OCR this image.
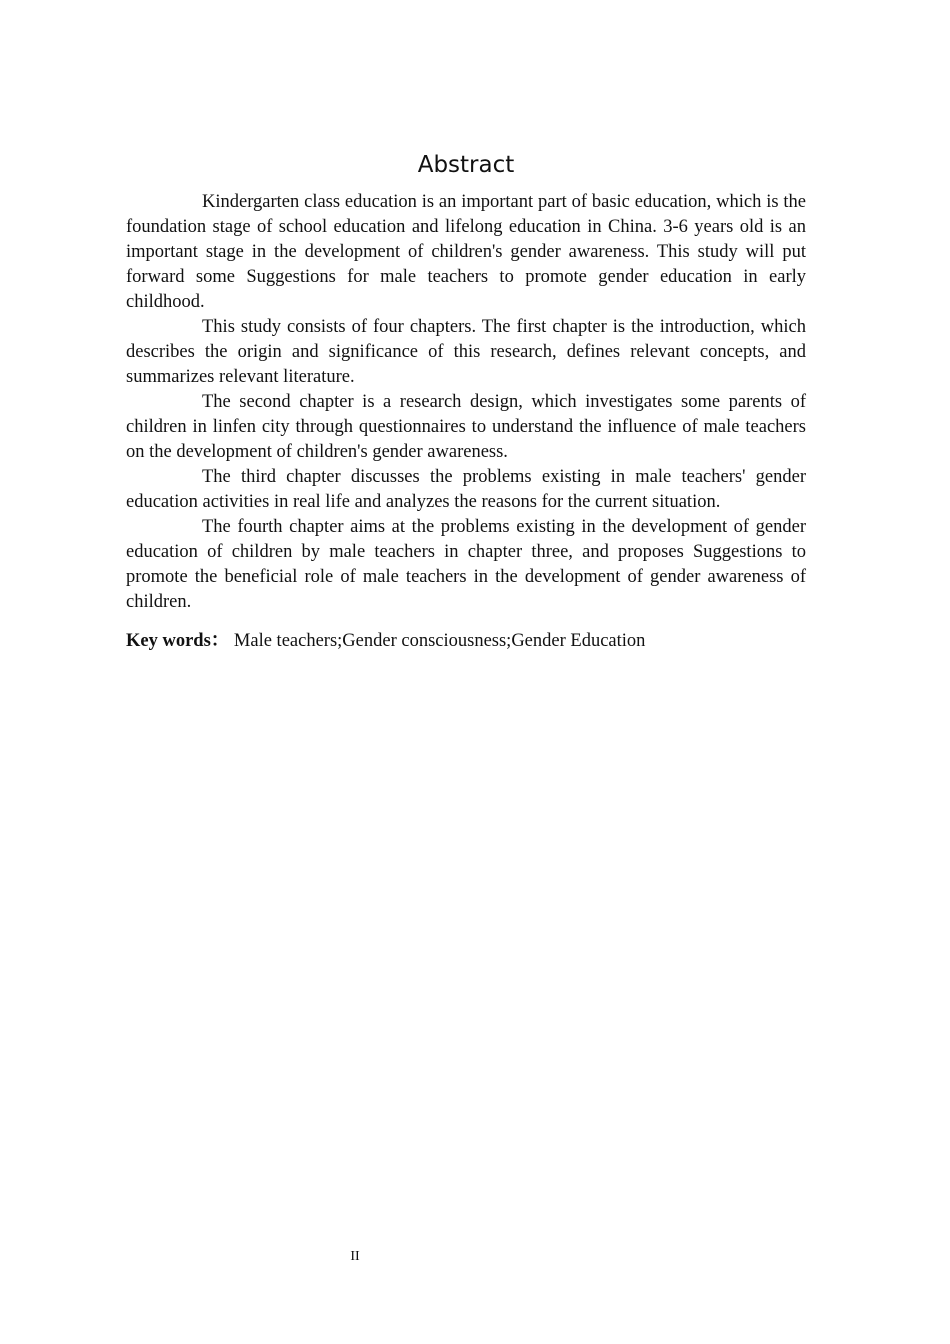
Abstract

Kindergarten class education is an important part of basic education, which is the foundation stage of school education and lifelong education in China. 3-6 years old is an important stage in the development of children's gender awareness. This study will put forward some Suggestions for male teachers to promote gender education in early childhood.

This study consists of four chapters. The first chapter is the introduction, which describes the origin and significance of this research, defines relevant concepts, and summarizes relevant literature.

The second chapter is a research design, which investigates some parents of children in linfen city through questionnaires to understand the influence of male teachers on the development of children's gender awareness.

The third chapter discusses the problems existing in male teachers' gender education activities in real life and analyzes the reasons for the current situation.

The fourth chapter aims at the problems existing in the development of gender education of children by male teachers in chapter three, and proposes Suggestions to promote the beneficial role of male teachers in the development of gender awareness of children.

Key words： Male teachers;Gender consciousness;Gender Education

II
